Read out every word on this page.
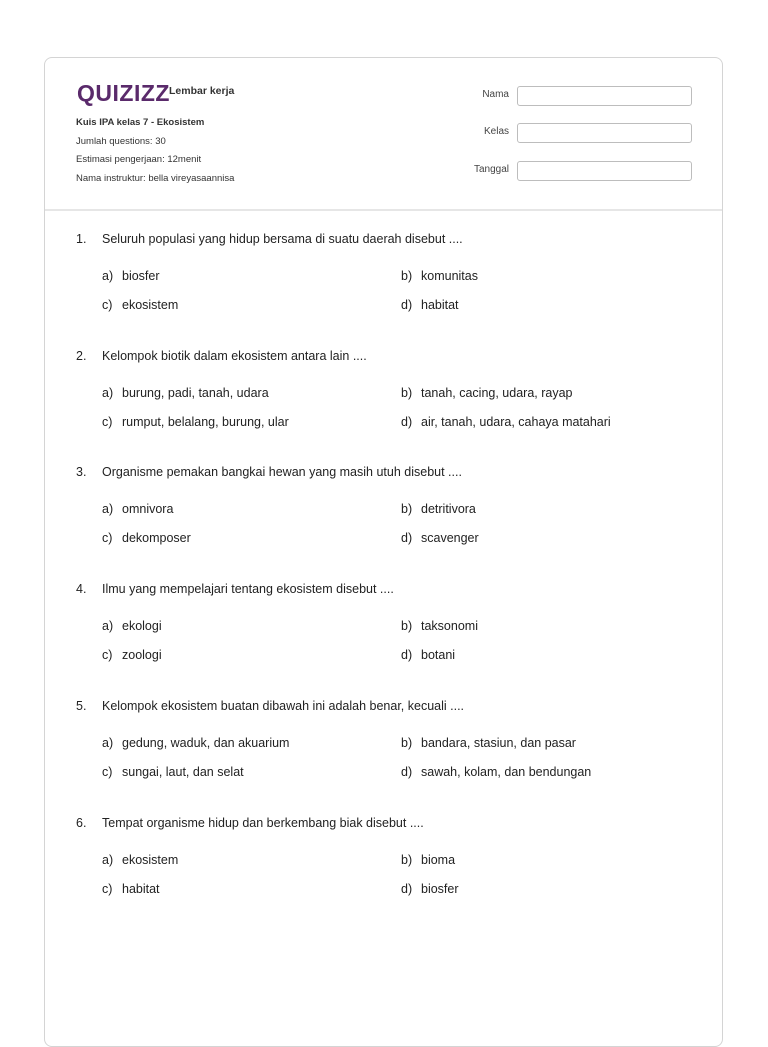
QUIZIZZ Lembar kerja
Kuis IPA kelas 7 - Ekosistem
Jumlah questions: 30
Estimasi pengerjaan: 12menit
Nama instruktur: bella vireyasaannisa
Nama
Kelas
Tanggal
1. Seluruh populasi yang hidup bersama di suatu daerah disebut ....
a) biosfer	b) komunitas
c) ekosistem	d) habitat
2. Kelompok biotik dalam ekosistem antara lain ....
a) burung, padi, tanah, udara	b) tanah, cacing, udara, rayap
c) rumput, belalang, burung, ular	d) air, tanah, udara, cahaya matahari
3. Organisme pemakan bangkai hewan yang masih utuh disebut ....
a) omnivora	b) detritivora
c) dekomposer	d) scavenger
4. Ilmu yang mempelajari tentang ekosistem disebut ....
a) ekologi	b) taksonomi
c) zoologi	d) botani
5. Kelompok ekosistem buatan dibawah ini adalah benar, kecuali ....
a) gedung, waduk, dan akuarium	b) bandara, stasiun, dan pasar
c) sungai, laut, dan selat	d) sawah, kolam, dan bendungan
6. Tempat organisme hidup dan berkembang biak disebut ....
a) ekosistem	b) bioma
c) habitat	d) biosfer
